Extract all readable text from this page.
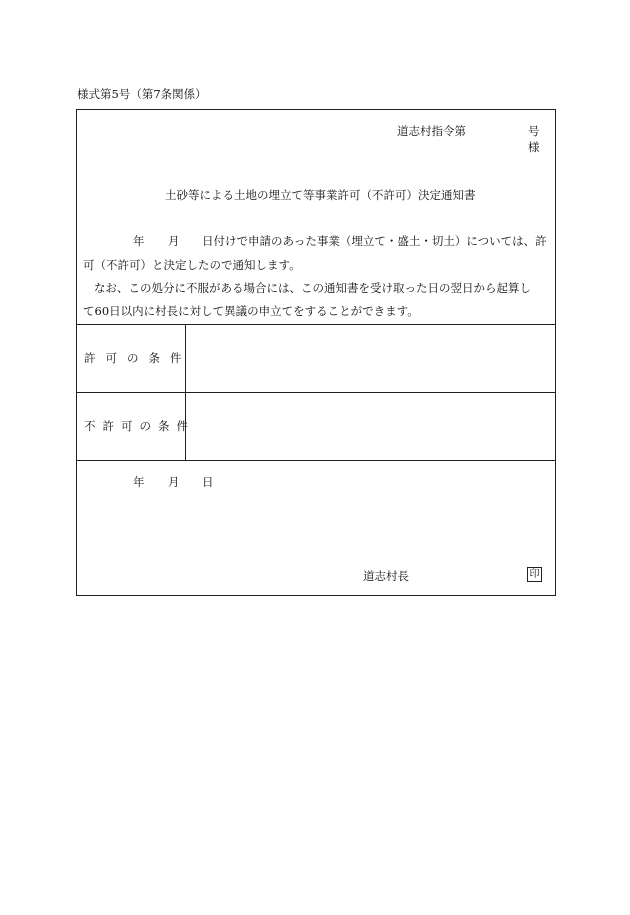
様式第5号（第7条関係）
道志村指令第	号
様
土砂等による土地の埋立て等事業許可（不許可）決定通知書
年 月 日付けで申請のあった事業（埋立て・盛土・切土）については、許
可（不許可）と決定したので通知します。
なお、この処分に不服がある場合には、この通知書を受け取った日の翌日から起算し
て60日以内に村長に対して異議の申立てをすることができます。
許可の条件
不許可の条件
年 月 日
道志村長	印
